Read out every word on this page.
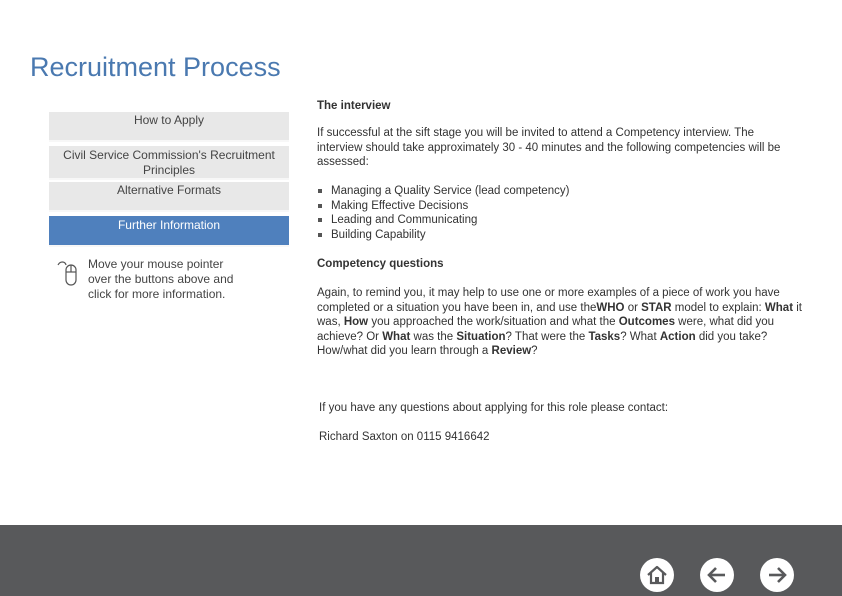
Recruitment Process
How to Apply
Civil Service Commission's Recruitment Principles
Alternative Formats
Further Information
Move your mouse pointer over the buttons above and click for more information.
The interview
If successful at the sift stage you will be invited to attend a Competency interview. The interview should take approximately 30 - 40 minutes and the following competencies will be assessed:
Managing a Quality Service (lead competency)
Making Effective Decisions
Leading and Communicating
Building Capability
Competency questions
Again, to remind you, it may help to use one or more examples of a piece of work you have completed or a situation you have been in, and use theWHO or STAR model to explain: What it was, How you approached the work/situation and what the Outcomes were, what did you achieve? Or What was the Situation? That were the Tasks? What Action did you take? How/what did you learn through a Review?
If you have any questions about applying for this role please contact:
Richard Saxton on 0115 9416642
